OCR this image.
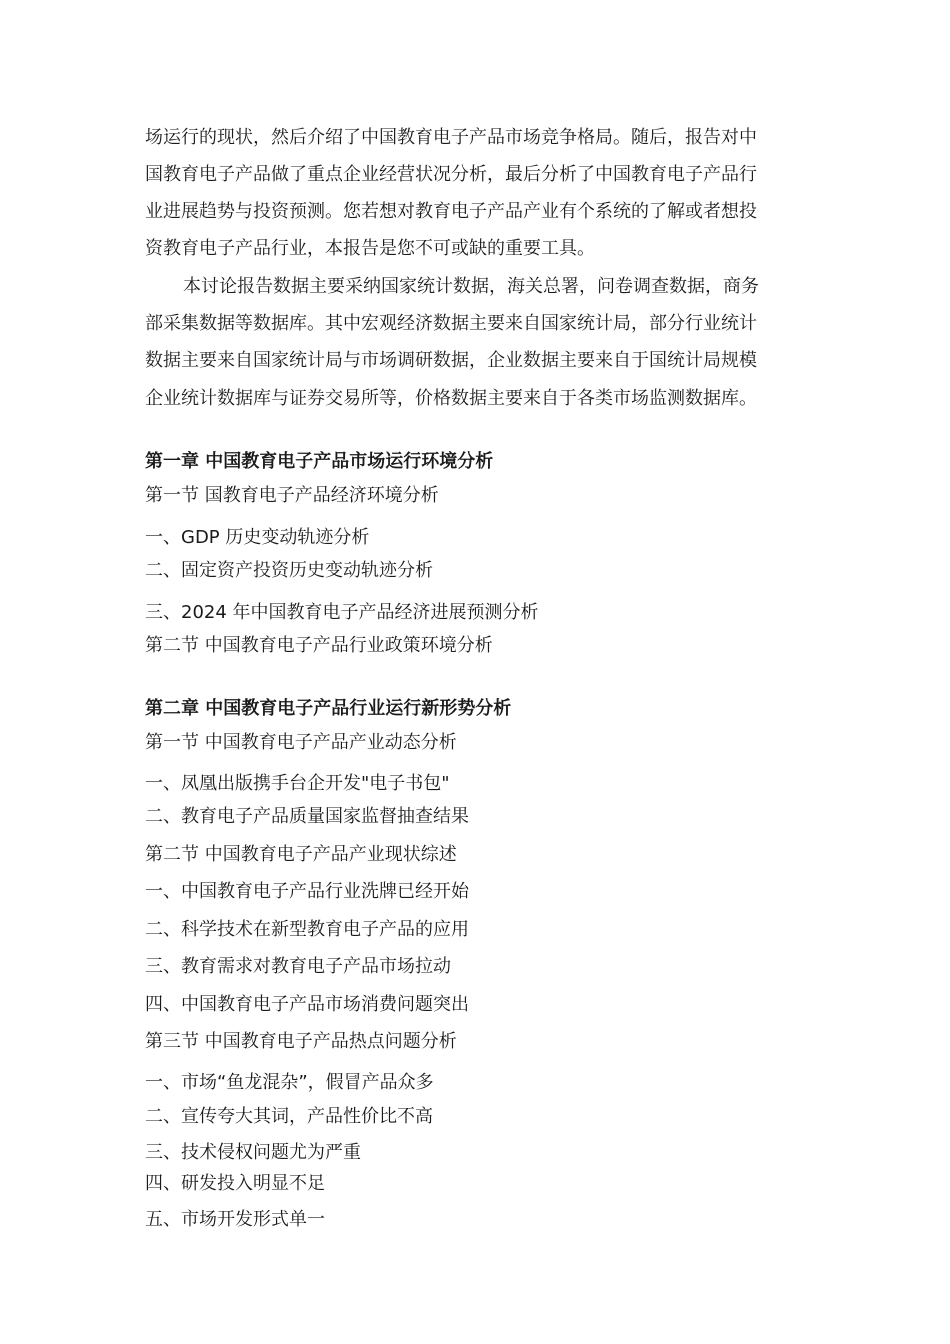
场运行的现状，然后介绍了中国教育电子产品市场竞争格局。随后，报告对中

国教育电子产品做了重点企业经营状况分析，最后分析了中国教育电子产品行

业进展趋势与投资预测。您若想对教育电子产品产业有个系统的了解或者想投

资教育电子产品行业，本报告是您不可或缺的重要工具。

本讨论报告数据主要采纳国家统计数据，海关总署，问卷调查数据，商务

部采集数据等数据库。其中宏观经济数据主要来自国家统计局，部分行业统计

数据主要来自国家统计局与市场调研数据，企业数据主要来自于国统计局规模

企业统计数据库与证券交易所等，价格数据主要来自于各类市场监测数据库。

第一章 中国教育电子产品市场运行环境分析

第一节 国教育电子产品经济环境分析

一、GDP 历史变动轨迹分析

二、固定资产投资历史变动轨迹分析

三、2024 年中国教育电子产品经济进展预测分析

第二节 中国教育电子产品行业政策环境分析

第二章 中国教育电子产品行业运行新形势分析

第一节 中国教育电子产品产业动态分析

一、凤凰出版携手台企开发"电子书包"

二、教育电子产品质量国家监督抽查结果

第二节 中国教育电子产品产业现状综述

一、中国教育电子产品行业洗牌已经开始

二、科学技术在新型教育电子产品的应用

三、教育需求对教育电子产品市场拉动

四、中国教育电子产品市场消费问题突出

第三节 中国教育电子产品热点问题分析

一、市场“鱼龙混杂”，假冒产品众多

二、宣传夸大其词，产品性价比不高

三、技术侵权问题尤为严重

四、研发投入明显不足

五、市场开发形式单一
